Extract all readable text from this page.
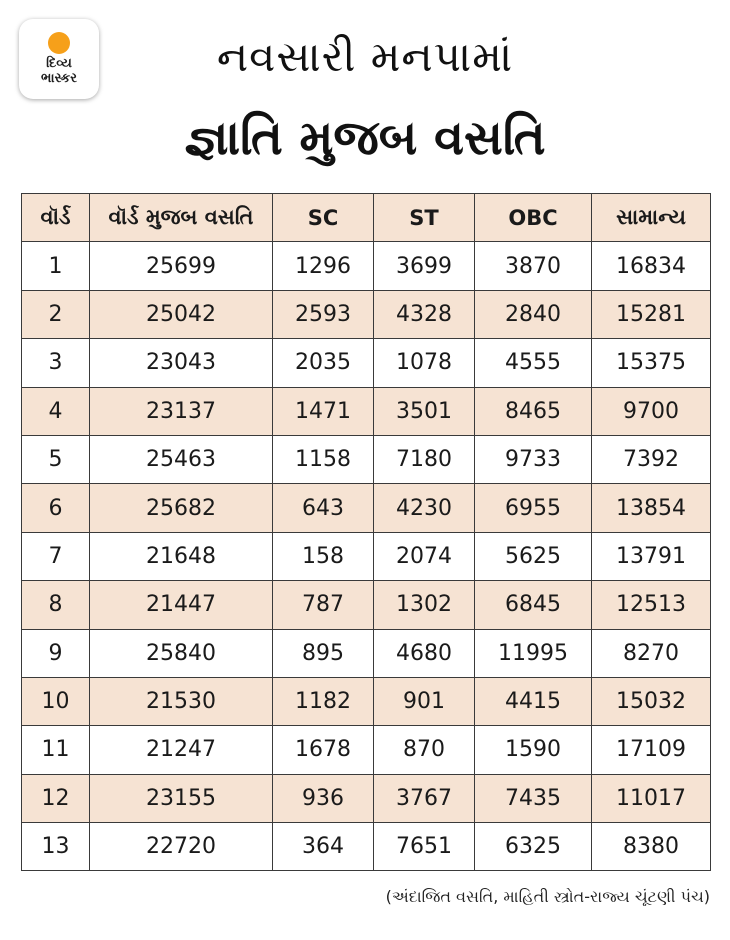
દિવ્ય
ભાસ્કર	નવસારી મનપામાં
જ્ઞાતિ મુજબ વસતિ
વૉર્ડ	વૉર્ડ મુજબ વસતિ	SC	ST	OBC	સામાન્ય
1	25699	1296	3699	3870	16834
2	25042	2593	4328	2840	15281
3	23043	2035	1078	4555	15375
4	23137	1471	3501	8465	9700
5	25463	1158	7180	9733	7392
6	25682	643	4230	6955	13854
7	21648	158	2074	5625	13791
8	21447	787	1302	6845	12513
9	25840	895	4680	11995	8270
10	21530	1182	901	4415	15032
11	21247	1678	870	1590	17109
12	23155	936	3767	7435	11017
13	22720	364	7651	6325	8380
(અંદાજિત વસતિ, માહિતી સ્ત્રોત-રાજ્ય ચૂંટણી પંચ)
